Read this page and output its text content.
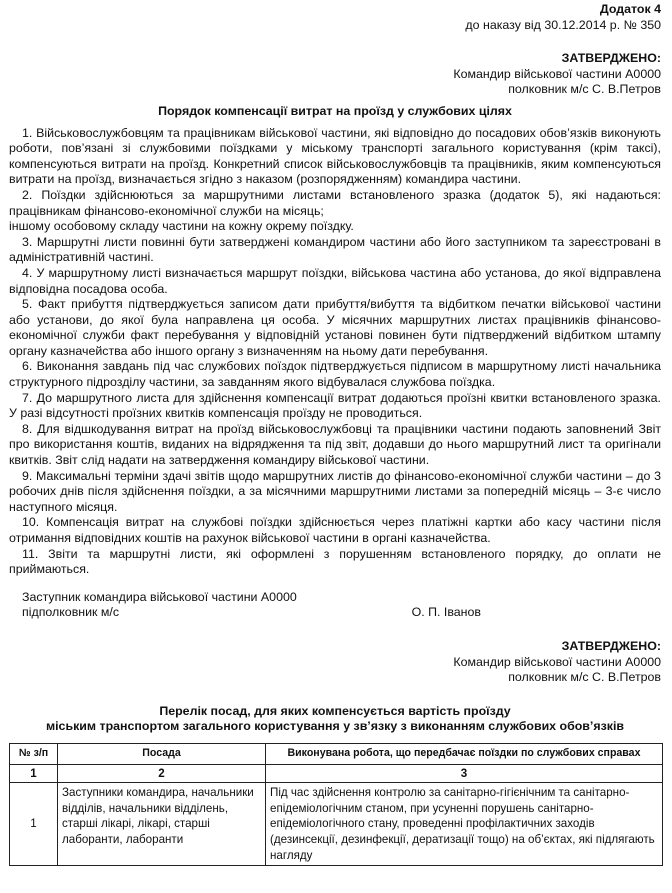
Додаток 4
до наказу від 30.12.2014 р. № 350
ЗАТВЕРДЖЕНО:
Командир військової частини А0000
полковник м/с С. В.Петров
Порядок компенсації витрат на проїзд у службових цілях

1. Військовослужбовцям та працівникам військової частини, які відповідно до посадових обов’язків виконують роботи, пов’язані зі службовими поїздками у міському транспорті загального користування (крім таксі), компенсуються витрати на проїзд. Конкретний список військовослужбовців та працівників, яким компенсуються витрати на проїзд, визначається згідно з наказом (розпорядженням) командира частини.

2. Поїздки здійснюються за маршрутними листами встановленого зразка (додаток 5), які надаються: працівникам фінансово-економічної служби на місяць;

іншому особовому складу частини на кожну окрему поїздку.

3. Маршрутні листи повинні бути затверджені командиром частини або його заступником та зареєстровані в адміністративній частині.

4. У маршрутному листі визначається маршрут поїздки, військова частина або установа, до якої відправлена відповідна посадова особа.

5. Факт прибуття підтверджується записом дати прибуття/вибуття та відбитком печатки військової частини або установи, до якої була направлена ця особа. У місячних маршрутних листах працівників фінансово-економічної служби факт перебування у відповідній установі повинен бути підтверджений відбитком штампу органу казначейства або іншого органу з визначенням на ньому дати перебування.

6. Виконання завдань під час службових поїздок підтверджується підписом в маршрутному листі начальника структурного підрозділу частини, за завданням якого відбувалася службова поїздка.

7. До маршрутного листа для здійснення компенсації витрат додаються проїзні квитки встановленого зразка. У разі відсутності проїзних квитків компенсація проїзду не проводиться.

8. Для відшкодування витрат на проїзд військовослужбовці та працівники частини подають заповнений Звіт про використання коштів, виданих на відрядження та під звіт, додавши до нього маршрутний лист та оригінали квитків. Звіт слід надати на затвердження командиру військової частини.

9. Максимальні терміни здачі звітів щодо маршрутних листів до фінансово-економічної служби частини – до 3 робочих днів після здійснення поїздки, а за місячними маршрутними листами за попередній місяць – 3-є число наступного місяця.

10. Компенсація витрат на службові поїздки здійснюється через платіжні картки або касу частини після отримання відповідних коштів на рахунок військової частини в органі казначейства.

11. Звіти та маршрутні листи, які оформлені з порушенням встановленого порядку, до оплати не приймаються.

Заступник командира військової частини А0000
підполковник м/с	О. П. Іванов
ЗАТВЕРДЖЕНО:
Командир військової частини А0000
полковник м/с С. В.Петров
Перелік посад, для яких компенсується вартість проїзду
міським транспортом загального користування у зв’язку з виконанням службових обов’язків
№ з/п	Посада	Виконувана робота, що передбачає поїздки по службових справах
1	2	3
1	Заступники командира, начальники відділів, начальники відділень, старші лікарі, лікарі, старші лаборанти, лаборанти	Під час здійснення контролю за санітарно-гігієнічним та санітарно-епідеміологічним станом, при усуненні порушень санітарно-епідеміологічного стану, проведенні профілактичних заходів (дезинсекції, дезинфекції, дератизації тощо) на об’єктах, які підлягають нагляду
